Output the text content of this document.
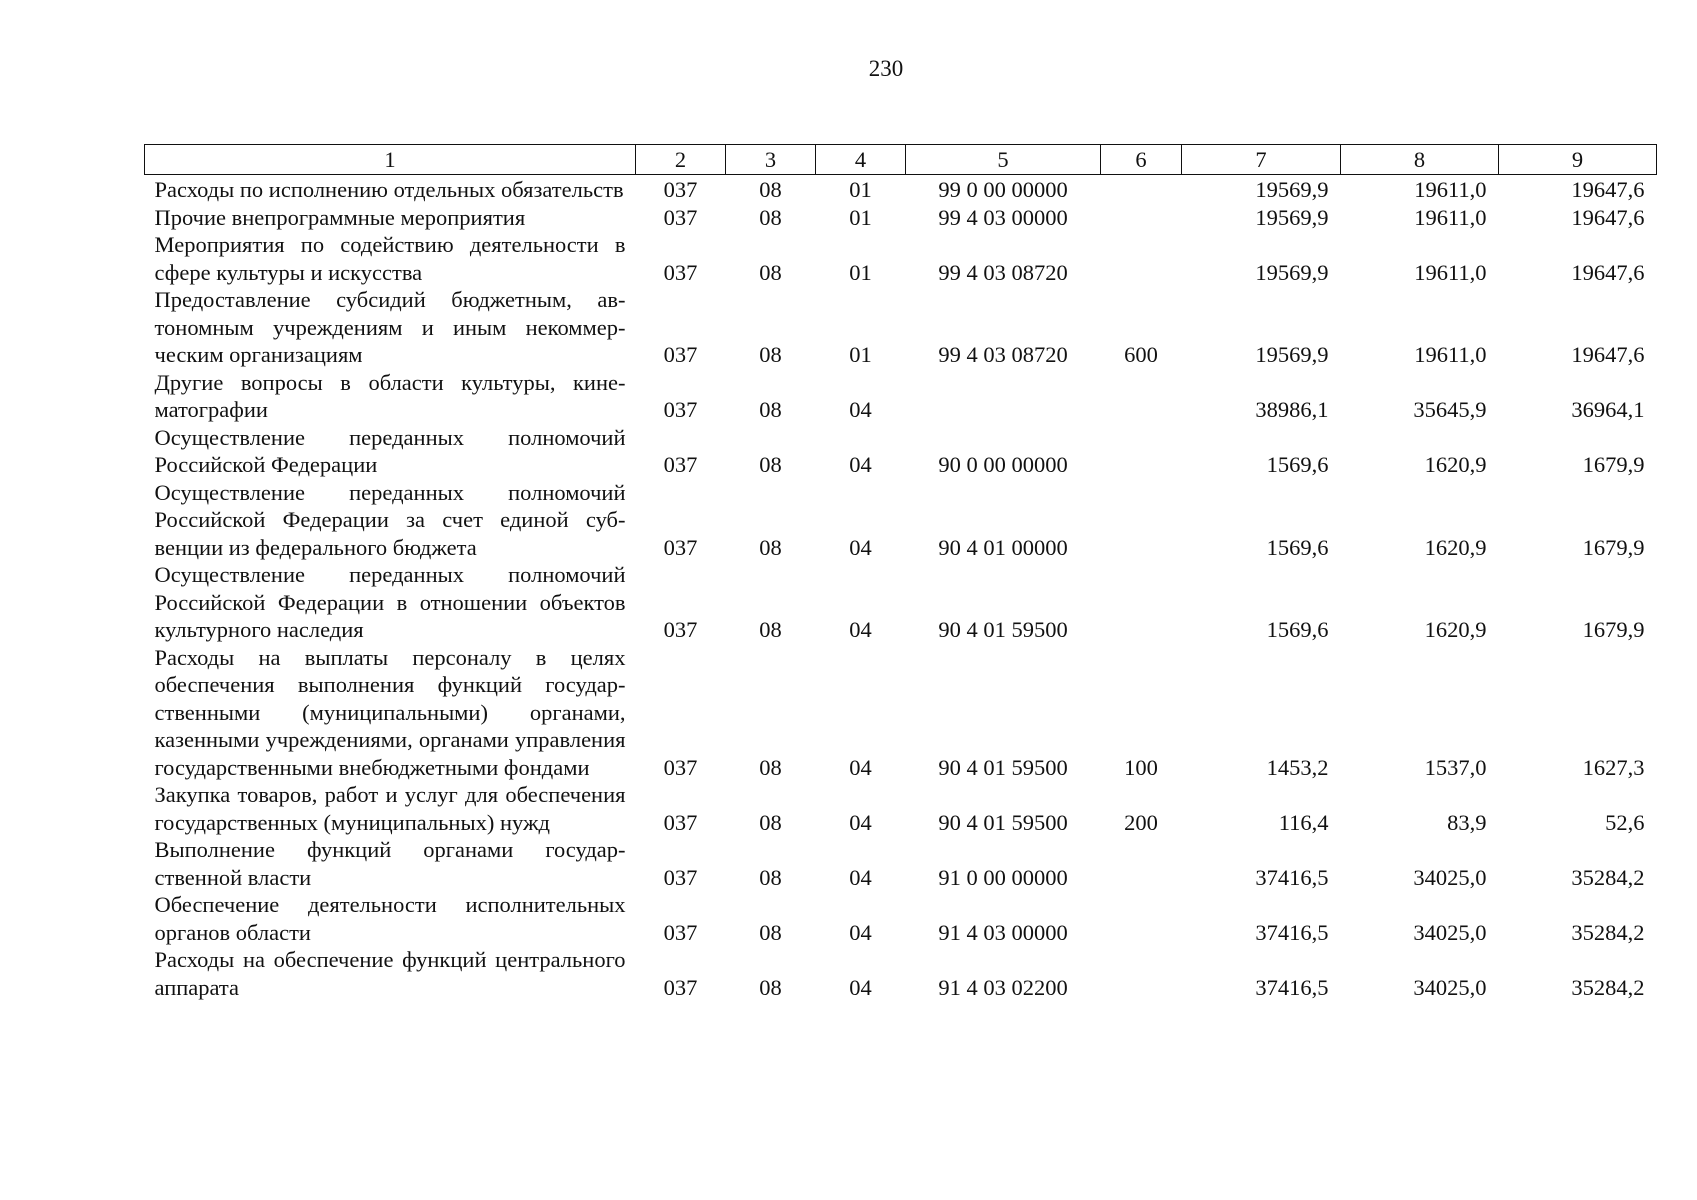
230
1	2	3	4	5	6	7	8	9
Расходы по исполнению отдельных обязательств	037	08	01	99 0 00 00000		19569,9	19611,0	19647,6
Прочие внепрограммные мероприятия	037	08	01	99 4 03 00000		19569,9	19611,0	19647,6
Мероприятия по содействию деятельности в сфере культуры и искусства	037	08	01	99 4 03 08720		19569,9	19611,0	19647,6
Предоставление субсидий бюджетным, автономным учреждениям и иным некоммерческим организациям	037	08	01	99 4 03 08720	600	19569,9	19611,0	19647,6
Другие вопросы в области культуры, кинематографии	037	08	04			38986,1	35645,9	36964,1
Осуществление переданных полномочий Российской Федерации	037	08	04	90 0 00 00000		1569,6	1620,9	1679,9
Осуществление переданных полномочий Российской Федерации за счет единой субвенции из федерального бюджета	037	08	04	90 4 01 00000		1569,6	1620,9	1679,9
Осуществление переданных полномочий Российской Федерации в отношении объектов культурного наследия	037	08	04	90 4 01 59500		1569,6	1620,9	1679,9
Расходы на выплаты персоналу в целях обеспечения выполнения функций государственными (муниципальными) органами, казенными учреждениями, органами управления государственными внебюджетными фондами	037	08	04	90 4 01 59500	100	1453,2	1537,0	1627,3
Закупка товаров, работ и услуг для обеспечения государственных (муниципальных) нужд	037	08	04	90 4 01 59500	200	116,4	83,9	52,6
Выполнение функций органами государственной власти	037	08	04	91 0 00 00000		37416,5	34025,0	35284,2
Обеспечение деятельности исполнительных органов области	037	08	04	91 4 03 00000		37416,5	34025,0	35284,2
Расходы на обеспечение функций центрального аппарата	037	08	04	91 4 03 02200		37416,5	34025,0	35284,2
